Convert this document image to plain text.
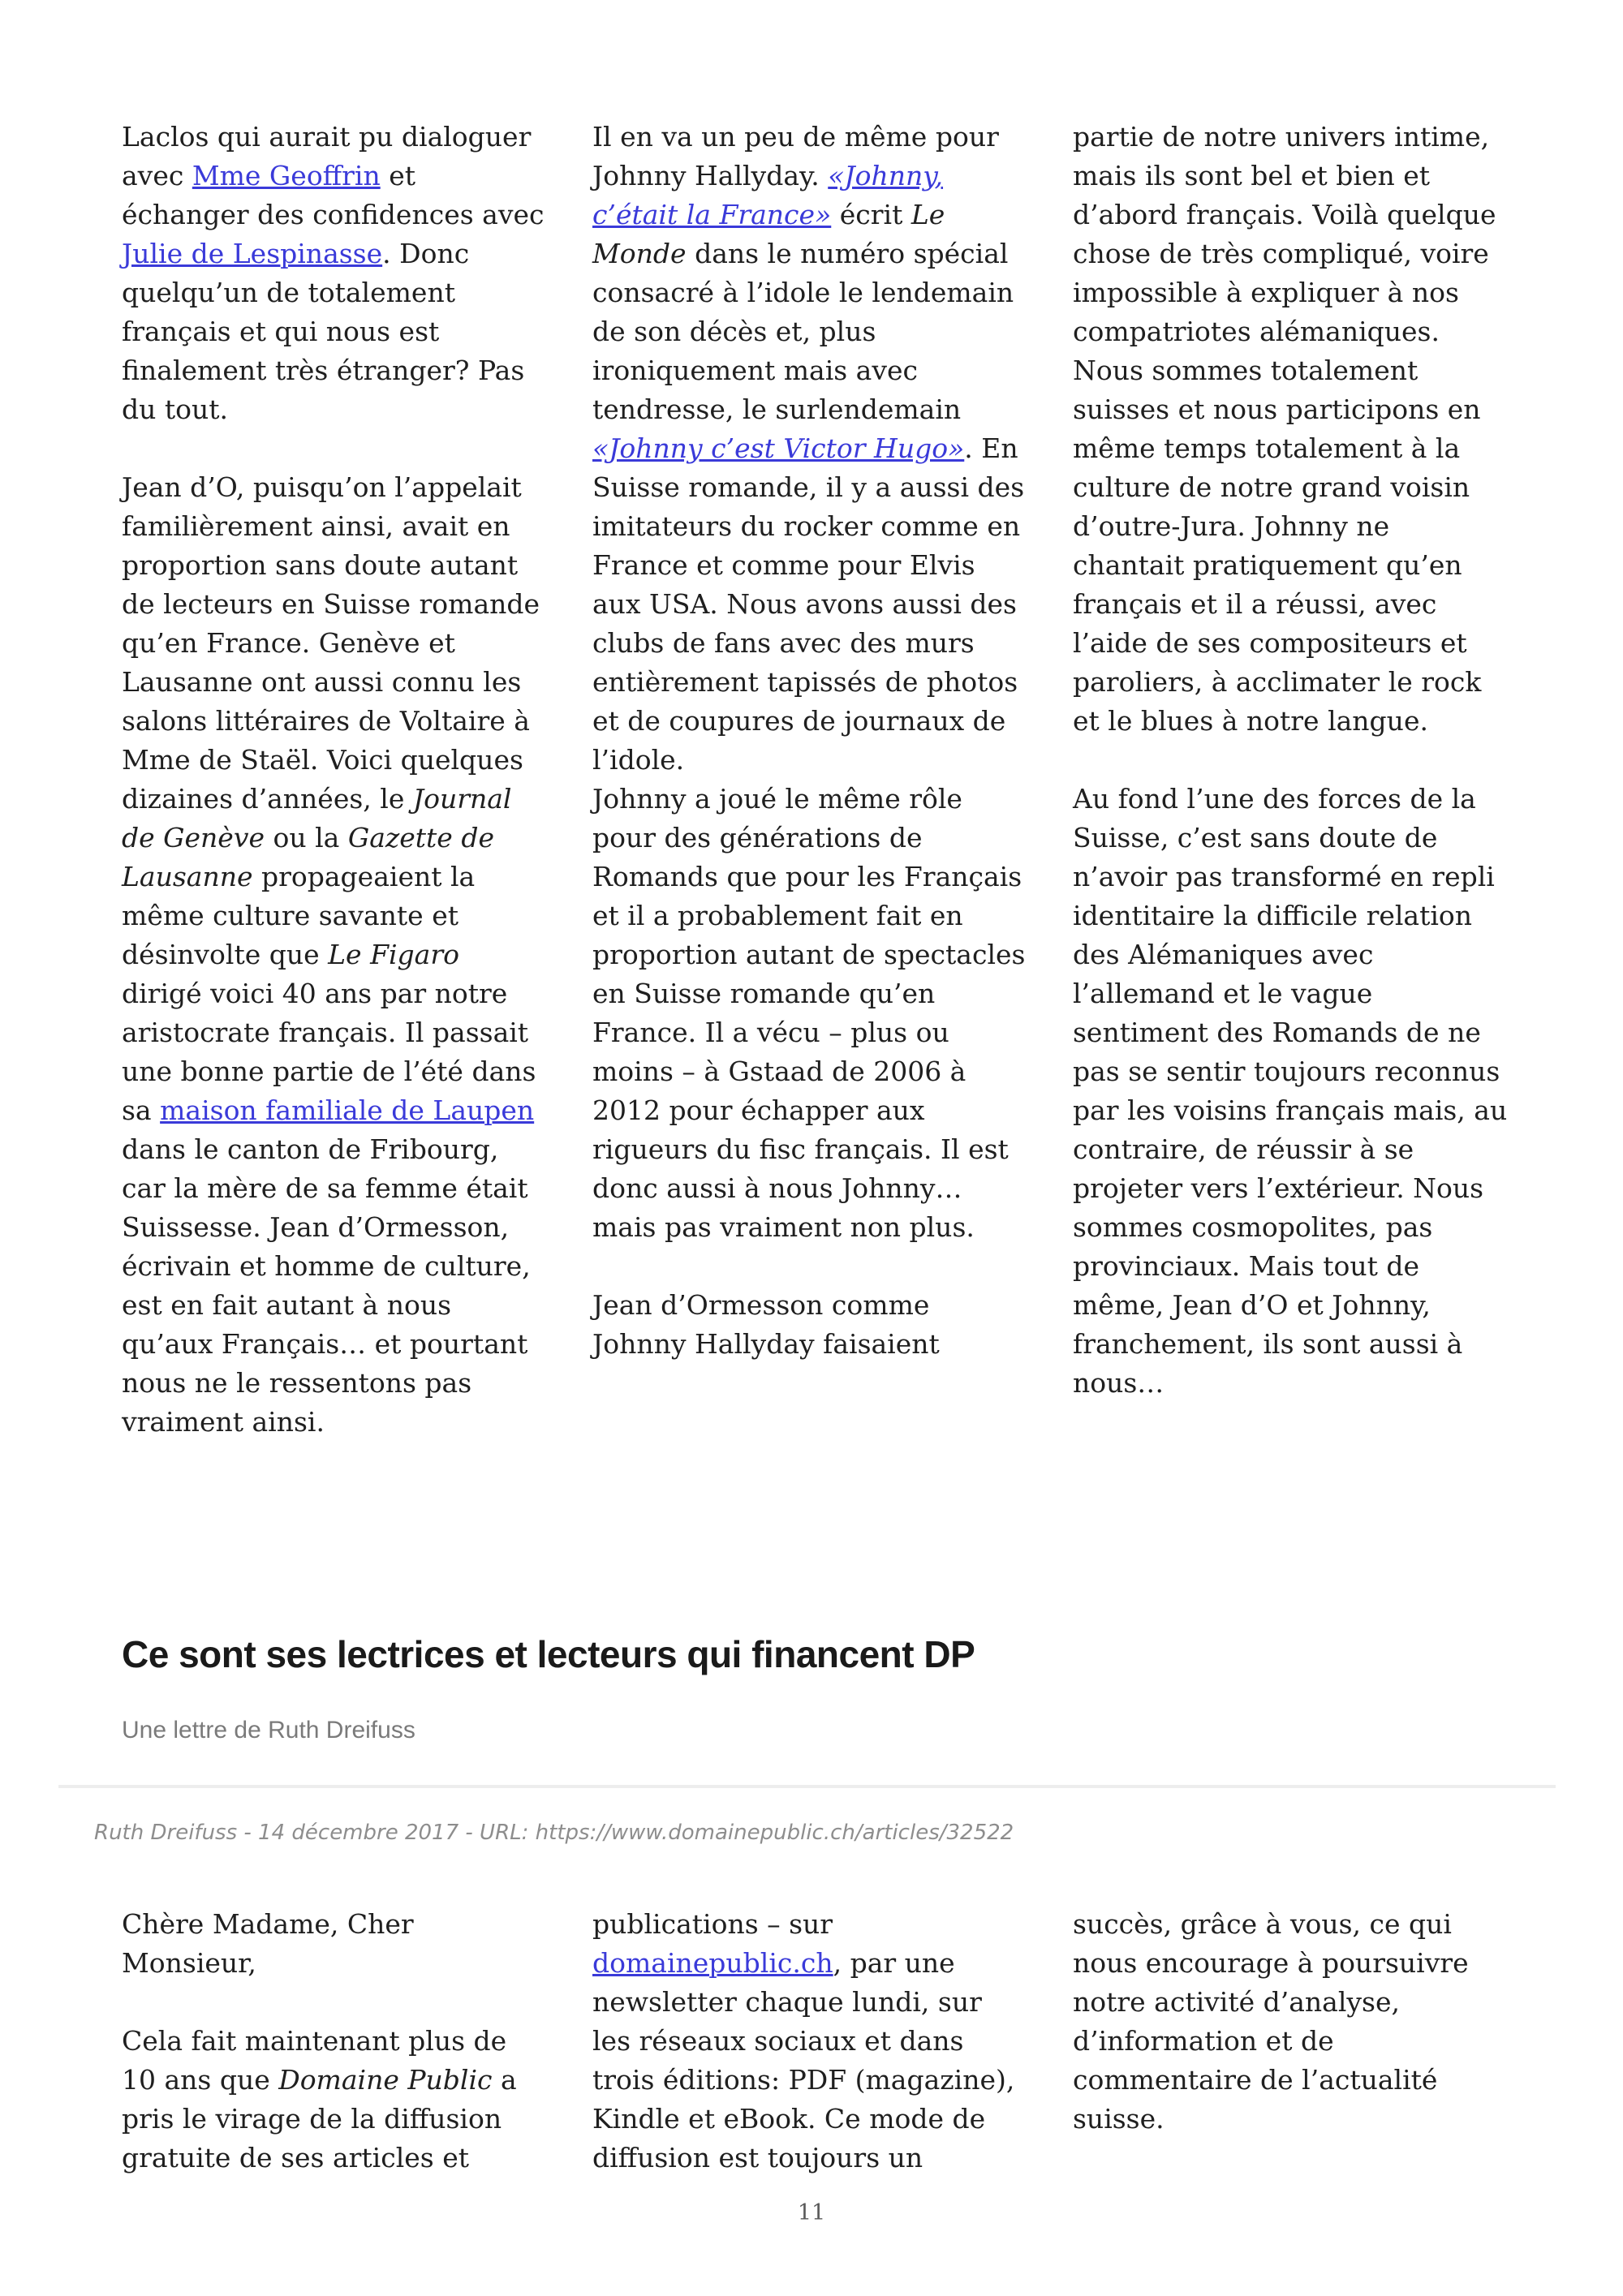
Laclos qui aurait pu dialoguer avec Mme Geoffrin et échanger des confidences avec Julie de Lespinasse. Donc quelqu’un de totalement français et qui nous est finalement très étranger? Pas du tout.

Jean d’O, puisqu’on l’appelait familièrement ainsi, avait en proportion sans doute autant de lecteurs en Suisse romande qu’en France. Genève et Lausanne ont aussi connu les salons littéraires de Voltaire à Mme de Staël. Voici quelques dizaines d’années, le Journal de Genève ou la Gazette de Lausanne propageaient la même culture savante et désinvolte que Le Figaro dirigé voici 40 ans par notre aristocrate français. Il passait une bonne partie de l’été dans sa maison familiale de Laupen dans le canton de Fribourg, car la mère de sa femme était Suissesse. Jean d’Ormesson, écrivain et homme de culture, est en fait autant à nous qu’aux Français… et pourtant nous ne le ressentons pas vraiment ainsi.

Il en va un peu de même pour Johnny Hallyday. «Johnny, c’était la France» écrit Le Monde dans le numéro spécial consacré à l’idole le lendemain de son décès et, plus ironiquement mais avec tendresse, le surlendemain «Johnny c’est Victor Hugo». En Suisse romande, il y a aussi des imitateurs du rocker comme en France et comme pour Elvis aux USA. Nous avons aussi des clubs de fans avec des murs entièrement tapissés de photos et de coupures de journaux de l’idole.

Johnny a joué le même rôle pour des générations de Romands que pour les Français et il a probablement fait en proportion autant de spectacles en Suisse romande qu’en France. Il a vécu – plus ou moins – à Gstaad de 2006 à 2012 pour échapper aux rigueurs du fisc français. Il est donc aussi à nous Johnny… mais pas vraiment non plus.

Jean d’Ormesson comme Johnny Hallyday faisaient

partie de notre univers intime, mais ils sont bel et bien et d’abord français. Voilà quelque chose de très compliqué, voire impossible à expliquer à nos compatriotes alémaniques. Nous sommes totalement suisses et nous participons en même temps totalement à la culture de notre grand voisin d’outre-Jura. Johnny ne chantait pratiquement qu’en français et il a réussi, avec l’aide de ses compositeurs et paroliers, à acclimater le rock et le blues à notre langue.

Au fond l’une des forces de la Suisse, c’est sans doute de n’avoir pas transformé en repli identitaire la difficile relation des Alémaniques avec l’allemand et le vague sentiment des Romands de ne pas se sentir toujours reconnus par les voisins français mais, au contraire, de réussir à se projeter vers l’extérieur. Nous sommes cosmopolites, pas provinciaux. Mais tout de même, Jean d’O et Johnny, franchement, ils sont aussi à nous…

Ce sont ses lectrices et lecteurs qui financent DP
Une lettre de Ruth Dreifuss
Ruth Dreifuss - 14 décembre 2017 - URL: https://www.domainepublic.ch/articles/32522

Chère Madame, Cher Monsieur,

Cela fait maintenant plus de 10 ans que Domaine Public a pris le virage de la diffusion gratuite de ses articles et

publications – sur domainepublic.ch, par une newsletter chaque lundi, sur les réseaux sociaux et dans trois éditions: PDF (magazine), Kindle et eBook. Ce mode de diffusion est toujours un

succès, grâce à vous, ce qui nous encourage à poursuivre notre activité d’analyse, d’information et de commentaire de l’actualité suisse.

11
